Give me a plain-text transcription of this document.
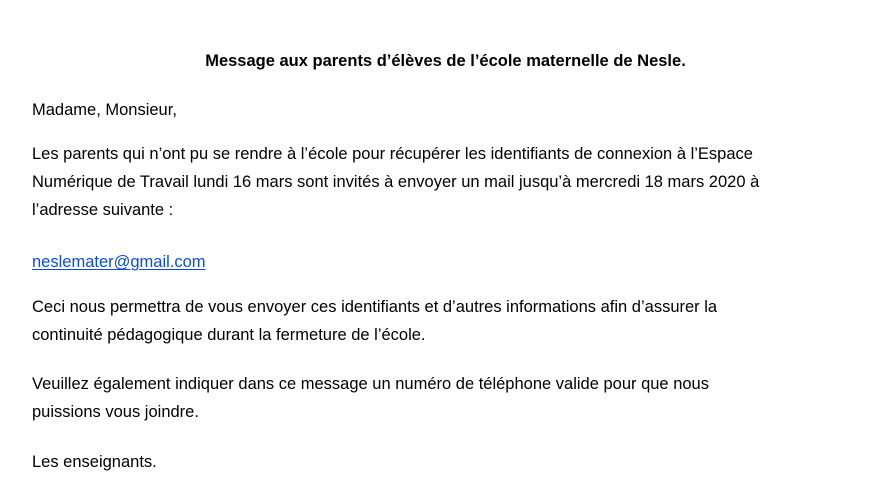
Message aux parents d’élèves de l’école maternelle de Nesle.

Madame, Monsieur,

Les parents qui n’ont pu se rendre à l’école pour récupérer les identifiants de connexion à l’Espace
Numérique de Travail lundi 16 mars sont invités à envoyer un mail jusqu’à mercredi 18 mars 2020 à
l’adresse suivante :

neslemater@gmail.com

Ceci nous permettra de vous envoyer ces identifiants et d’autres informations afin d’assurer la
continuité pédagogique durant la fermeture de l’école.

Veuillez également indiquer dans ce message un numéro de téléphone valide pour que nous
puissions vous joindre.

Les enseignants.
